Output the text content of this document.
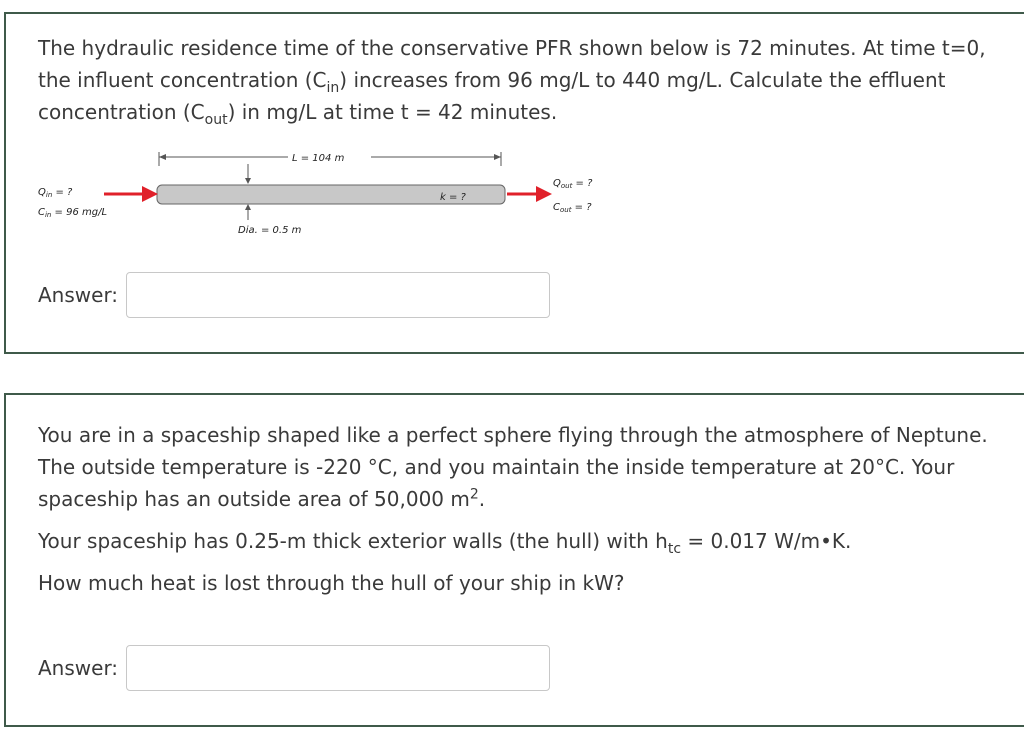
The hydraulic residence time of the conservative PFR shown below is 72 minutes. At time t=0, the influent concentration $(C_{in})$ increases from 96 mg/L to 440 mg/L. Calculate the effluent concentration $(C_{out})$ in mg/L at time t = 42 minutes.

L = 104 m
$Q_{in}$ = ?
$C_{in} = 96$ mg/L
k = ?
$Q_{out}$ = ?
$C_{out}$ = ?
Dia. = 0.5 m
Answer:

You are in a spaceship shaped like a perfect sphere flying through the atmosphere of Neptune. The outside temperature is -220 °C, and you maintain the inside temperature at 20°C. Your spaceship has an outside area of 50,000 $m^2$.

Your spaceship has 0.25-m thick exterior walls (the hull) with $h_{tc} = 0.017$ W/m•K.

How much heat is lost through the hull of your ship in kW?

Answer:
